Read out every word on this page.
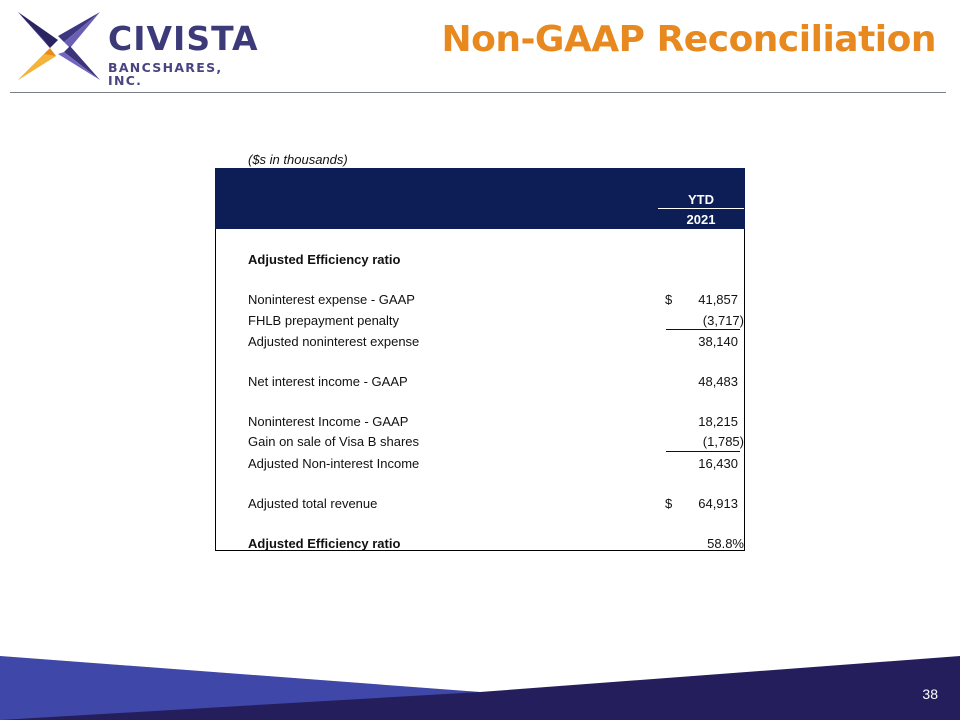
CIVISTA
BANCSHARES, INC.
Non-GAAP Reconciliation
($s in thousands)
YTD
2021
Adjusted Efficiency ratio
Noninterest expense - GAAP	$ 41,857
FHLB prepayment penalty	(3,717)
Adjusted noninterest expense	38,140
Net interest income - GAAP	48,483
Noninterest Income - GAAP	18,215
Gain on sale of Visa B shares	(1,785)
Adjusted Non-interest Income	16,430
Adjusted total revenue	$ 64,913
Adjusted Efficiency ratio	58.8%
38
